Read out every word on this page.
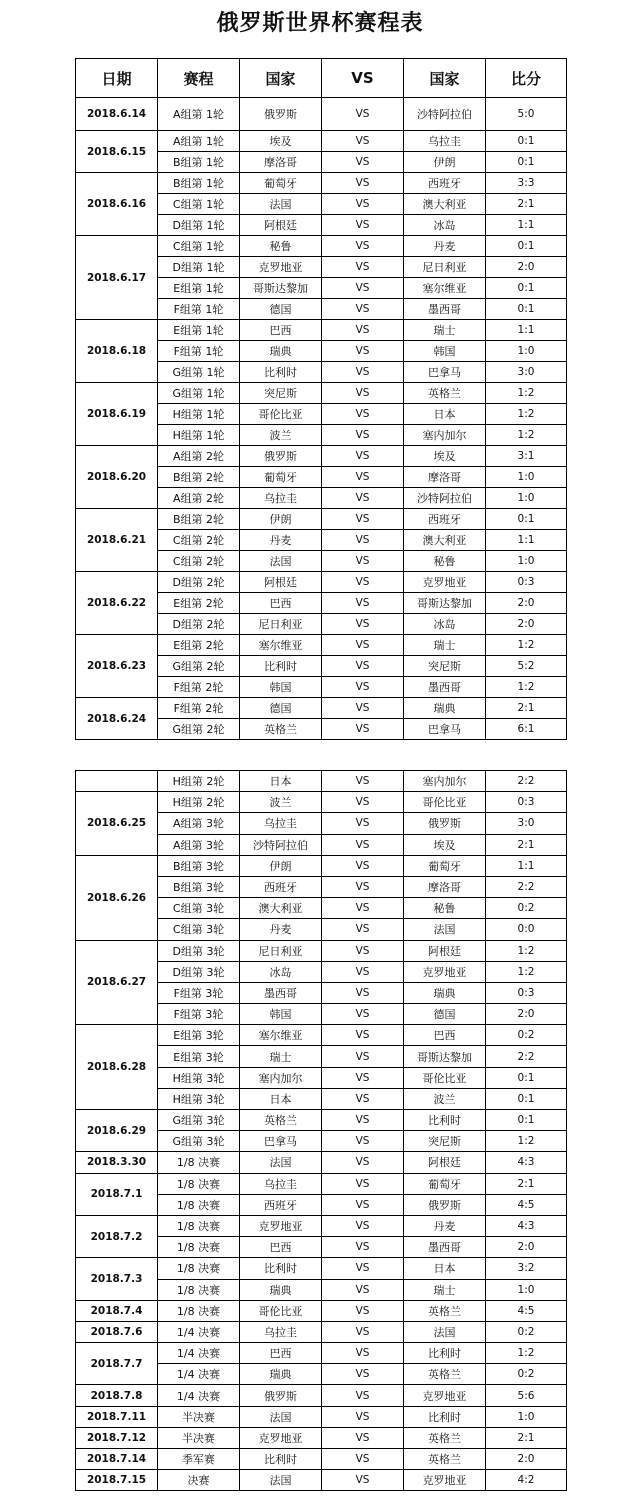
俄罗斯世界杯赛程表
日期	赛程	国家	VS	国家	比分
2018.6.14	A组第 1轮	俄罗斯	VS	沙特阿拉伯	5:0
2018.6.15	A组第 1轮	埃及	VS	乌拉圭	0:1
	B组第 1轮	摩洛哥	VS	伊朗	0:1
2018.6.16	B组第 1轮	葡萄牙	VS	西班牙	3:3
	C组第 1轮	法国	VS	澳大利亚	2:1
	D组第 1轮	阿根廷	VS	冰岛	1:1
2018.6.17	C组第 1轮	秘鲁	VS	丹麦	0:1
	D组第 1轮	克罗地亚	VS	尼日利亚	2:0
	E组第 1轮	哥斯达黎加	VS	塞尔维亚	0:1
	F组第 1轮	德国	VS	墨西哥	0:1
2018.6.18	E组第 1轮	巴西	VS	瑞士	1:1
	F组第 1轮	瑞典	VS	韩国	1:0
	G组第 1轮	比利时	VS	巴拿马	3:0
2018.6.19	G组第 1轮	突尼斯	VS	英格兰	1:2
	H组第 1轮	哥伦比亚	VS	日本	1:2
	H组第 1轮	波兰	VS	塞内加尔	1:2
2018.6.20	A组第 2轮	俄罗斯	VS	埃及	3:1
	B组第 2轮	葡萄牙	VS	摩洛哥	1:0
	A组第 2轮	乌拉圭	VS	沙特阿拉伯	1:0
2018.6.21	B组第 2轮	伊朗	VS	西班牙	0:1
	C组第 2轮	丹麦	VS	澳大利亚	1:1
	C组第 2轮	法国	VS	秘鲁	1:0
2018.6.22	D组第 2轮	阿根廷	VS	克罗地亚	0:3
	E组第 2轮	巴西	VS	哥斯达黎加	2:0
	D组第 2轮	尼日利亚	VS	冰岛	2:0
2018.6.23	E组第 2轮	塞尔维亚	VS	瑞士	1:2
	G组第 2轮	比利时	VS	突尼斯	5:2
	F组第 2轮	韩国	VS	墨西哥	1:2
2018.6.24	F组第 2轮	德国	VS	瑞典	2:1
	G组第 2轮	英格兰	VS	巴拿马	6:1
	H组第 2轮	日本	VS	塞内加尔	2:2
2018.6.25	H组第 2轮	波兰	VS	哥伦比亚	0:3
	A组第 3轮	乌拉圭	VS	俄罗斯	3:0
	A组第 3轮	沙特阿拉伯	VS	埃及	2:1
2018.6.26	B组第 3轮	伊朗	VS	葡萄牙	1:1
	B组第 3轮	西班牙	VS	摩洛哥	2:2
	C组第 3轮	澳大利亚	VS	秘鲁	0:2
	C组第 3轮	丹麦	VS	法国	0:0
2018.6.27	D组第 3轮	尼日利亚	VS	阿根廷	1:2
	D组第 3轮	冰岛	VS	克罗地亚	1:2
	F组第 3轮	墨西哥	VS	瑞典	0:3
	F组第 3轮	韩国	VS	德国	2:0
2018.6.28	E组第 3轮	塞尔维亚	VS	巴西	0:2
	E组第 3轮	瑞士	VS	哥斯达黎加	2:2
	H组第 3轮	塞内加尔	VS	哥伦比亚	0:1
	H组第 3轮	日本	VS	波兰	0:1
2018.6.29	G组第 3轮	英格兰	VS	比利时	0:1
	G组第 3轮	巴拿马	VS	突尼斯	1:2
2018.3.30	1/8 决赛	法国	VS	阿根廷	4:3
2018.7.1	1/8 决赛	乌拉圭	VS	葡萄牙	2:1
	1/8 决赛	西班牙	VS	俄罗斯	4:5
2018.7.2	1/8 决赛	克罗地亚	VS	丹麦	4:3
	1/8 决赛	巴西	VS	墨西哥	2:0
2018.7.3	1/8 决赛	比利时	VS	日本	3:2
	1/8 决赛	瑞典	VS	瑞士	1:0
2018.7.4	1/8 决赛	哥伦比亚	VS	英格兰	4:5
2018.7.6	1/4 决赛	乌拉圭	VS	法国	0:2
2018.7.7	1/4 决赛	巴西	VS	比利时	1:2
	1/4 决赛	瑞典	VS	英格兰	0:2
2018.7.8	1/4 决赛	俄罗斯	VS	克罗地亚	5:6
2018.7.11	半决赛	法国	VS	比利时	1:0
2018.7.12	半决赛	克罗地亚	VS	英格兰	2:1
2018.7.14	季军赛	比利时	VS	英格兰	2:0
2018.7.15	决赛	法国	VS	克罗地亚	4:2
